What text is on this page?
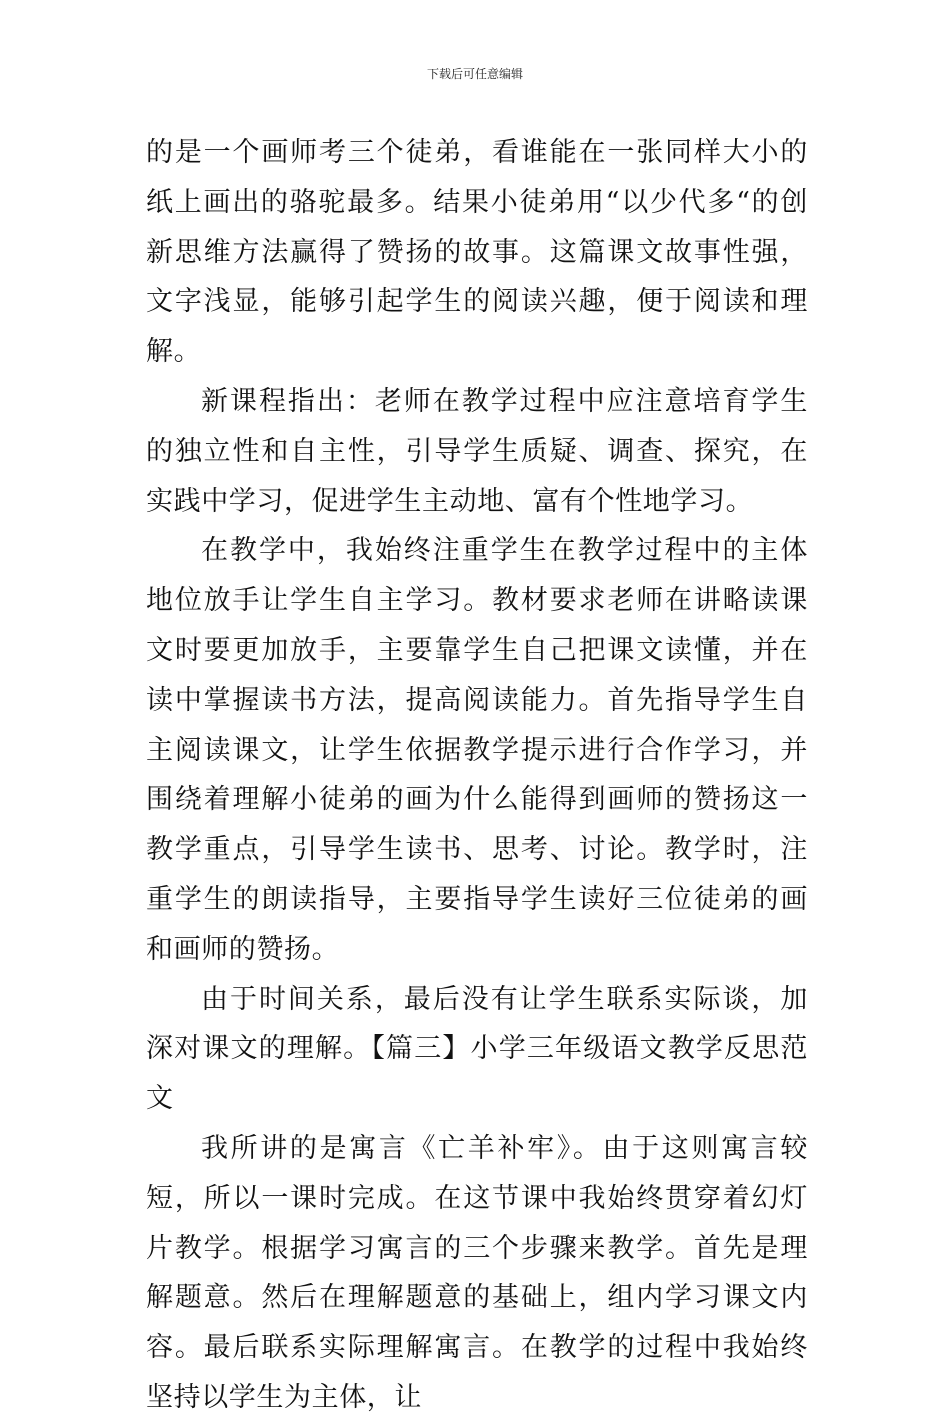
下载后可任意编辑

的是一个画师考三个徒弟，看谁能在一张同样大小的纸上画出的骆驼最多。结果小徒弟用“以少代多“的创新思维方法赢得了赞扬的故事。这篇课文故事性强，文字浅显，能够引起学生的阅读兴趣，便于阅读和理解。

新课程指出：老师在教学过程中应注意培育学生的独立性和自主性，引导学生质疑、调查、探究，在实践中学习，促进学生主动地、富有个性地学习。

在教学中，我始终注重学生在教学过程中的主体地位放手让学生自主学习。教材要求老师在讲略读课文时要更加放手，主要靠学生自己把课文读懂，并在读中掌握读书方法，提高阅读能力。首先指导学生自主阅读课文，让学生依据教学提示进行合作学习，并围绕着理解小徒弟的画为什么能得到画师的赞扬这一教学重点，引导学生读书、思考、讨论。教学时，注重学生的朗读指导，主要指导学生读好三位徒弟的画和画师的赞扬。

由于时间关系，最后没有让学生联系实际谈，加深对课文的理解。【篇三】小学三年级语文教学反思范文

我所讲的是寓言《亡羊补牢》。由于这则寓言较短，所以一课时完成。在这节课中我始终贯穿着幻灯片教学。根据学习寓言的三个步骤来教学。首先是理解题意。然后在理解题意的基础上，组内学习课文内容。最后联系实际理解寓言。在教学的过程中我始终坚持以学生为主体，让
